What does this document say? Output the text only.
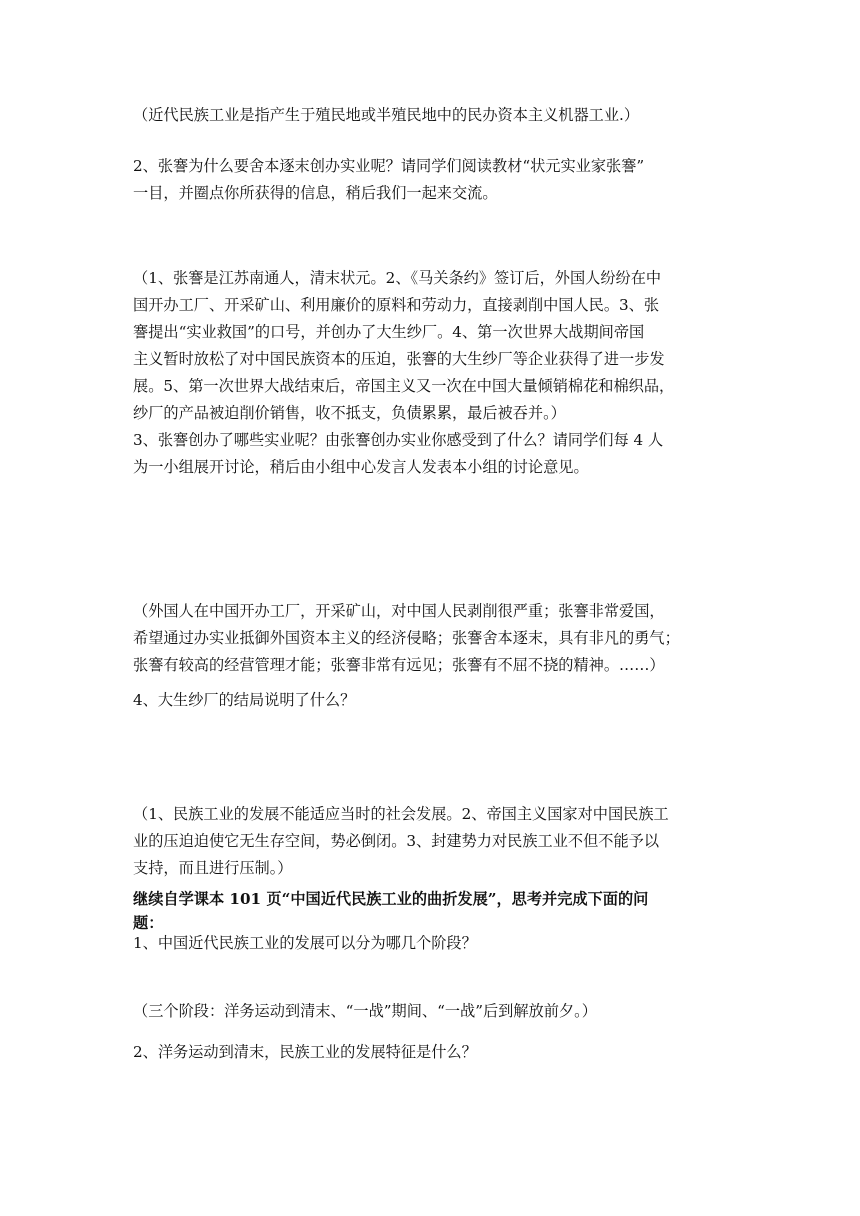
（近代民族工业是指产生于殖民地或半殖民地中的民办资本主义机器工业.）

2、张謇为什么要舍本逐末创办实业呢？请同学们阅读教材“状元实业家张謇”
一目，并圈点你所获得的信息，稍后我们一起来交流。

（1、张謇是江苏南通人，清末状元。2、《马关条约》签订后，外国人纷纷在中
国开办工厂、开采矿山、利用廉价的原料和劳动力，直接剥削中国人民。3、张
謇提出“实业救国”的口号，并创办了大生纱厂。4、第一次世界大战期间帝国
主义暂时放松了对中国民族资本的压迫，张謇的大生纱厂等企业获得了进一步发
展。5、第一次世界大战结束后，帝国主义又一次在中国大量倾销棉花和棉织品，
纱厂的产品被迫削价销售，收不抵支，负债累累，最后被吞并。）

3、张謇创办了哪些实业呢？由张謇创办实业你感受到了什么？请同学们每 4 人
为一小组展开讨论，稍后由小组中心发言人发表本小组的讨论意见。

（外国人在中国开办工厂，开采矿山，对中国人民剥削很严重；张謇非常爱国，
希望通过办实业抵御外国资本主义的经济侵略；张謇舍本逐末，具有非凡的勇气；
张謇有较高的经营管理才能；张謇非常有远见；张謇有不屈不挠的精神。……）

4、大生纱厂的结局说明了什么？

（1、民族工业的发展不能适应当时的社会发展。2、帝国主义国家对中国民族工
业的压迫迫使它无生存空间，势必倒闭。3、封建势力对民族工业不但不能予以
支持，而且进行压制。）

继续自学课本 101 页“中国近代民族工业的曲折发展”，思考并完成下面的问
题：

1、中国近代民族工业的发展可以分为哪几个阶段？

（三个阶段：洋务运动到清末、“一战”期间、“一战”后到解放前夕。）

2、洋务运动到清末，民族工业的发展特征是什么？
